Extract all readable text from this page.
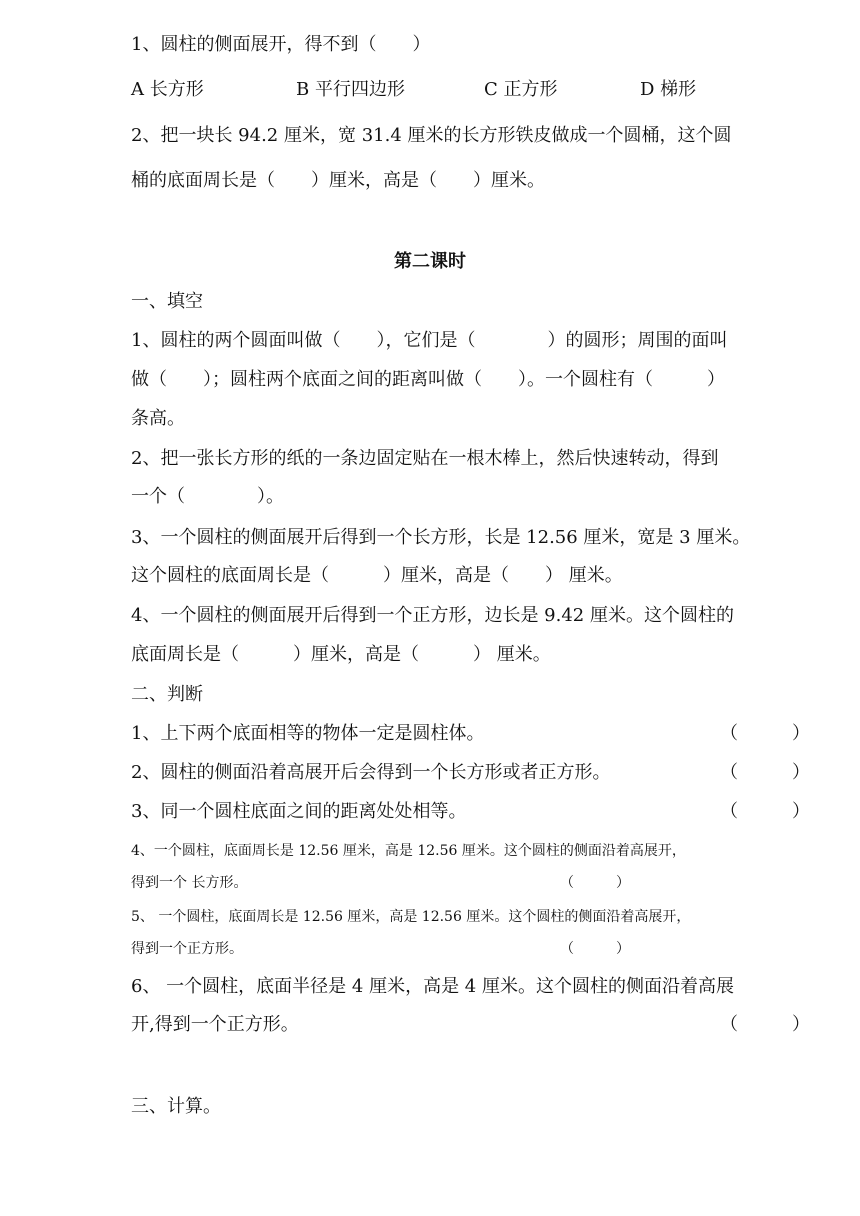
1、圆柱的侧面展开，得不到（　　）
A 长方形	B 平行四边形	C 正方形	D 梯形
2、把一块长 94.2 厘米，宽 31.4 厘米的长方形铁皮做成一个圆桶，这个圆
桶的底面周长是（　　）厘米，高是（　　）厘米。
第二课时
一、填空
1、圆柱的两个圆面叫做（　　），它们是（　　　　）的圆形；周围的面叫
做（　　）；圆柱两个底面之间的距离叫做（　　）。一个圆柱有（　　　）
条高。
2、把一张长方形的纸的一条边固定贴在一根木棒上，然后快速转动，得到
一个（　　　　）。
3、一个圆柱的侧面展开后得到一个长方形，长是 12.56 厘米，宽是 3 厘米。
这个圆柱的底面周长是（　　　）厘米，高是（　　） 厘米。
4、一个圆柱的侧面展开后得到一个正方形，边长是 9.42 厘米。这个圆柱的
底面周长是（　　　）厘米，高是（　　　） 厘米。
二、判断
1、上下两个底面相等的物体一定是圆柱体。	（　　　）
2、圆柱的侧面沿着高展开后会得到一个长方形或者正方形。	（　　　）
3、同一个圆柱底面之间的距离处处相等。	（　　　）
4、一个圆柱，底面周长是 12.56 厘米，高是 12.56 厘米。这个圆柱的侧面沿着高展开，
得到一个 长方形。	（　　　）
5、 一个圆柱，底面周长是 12.56 厘米，高是 12.56 厘米。这个圆柱的侧面沿着高展开，
得到一个正方形。	（　　　）
6、 一个圆柱，底面半径是 4 厘米，高是 4 厘米。这个圆柱的侧面沿着高展
开,得到一个正方形。	（　　　）
三、计算。
